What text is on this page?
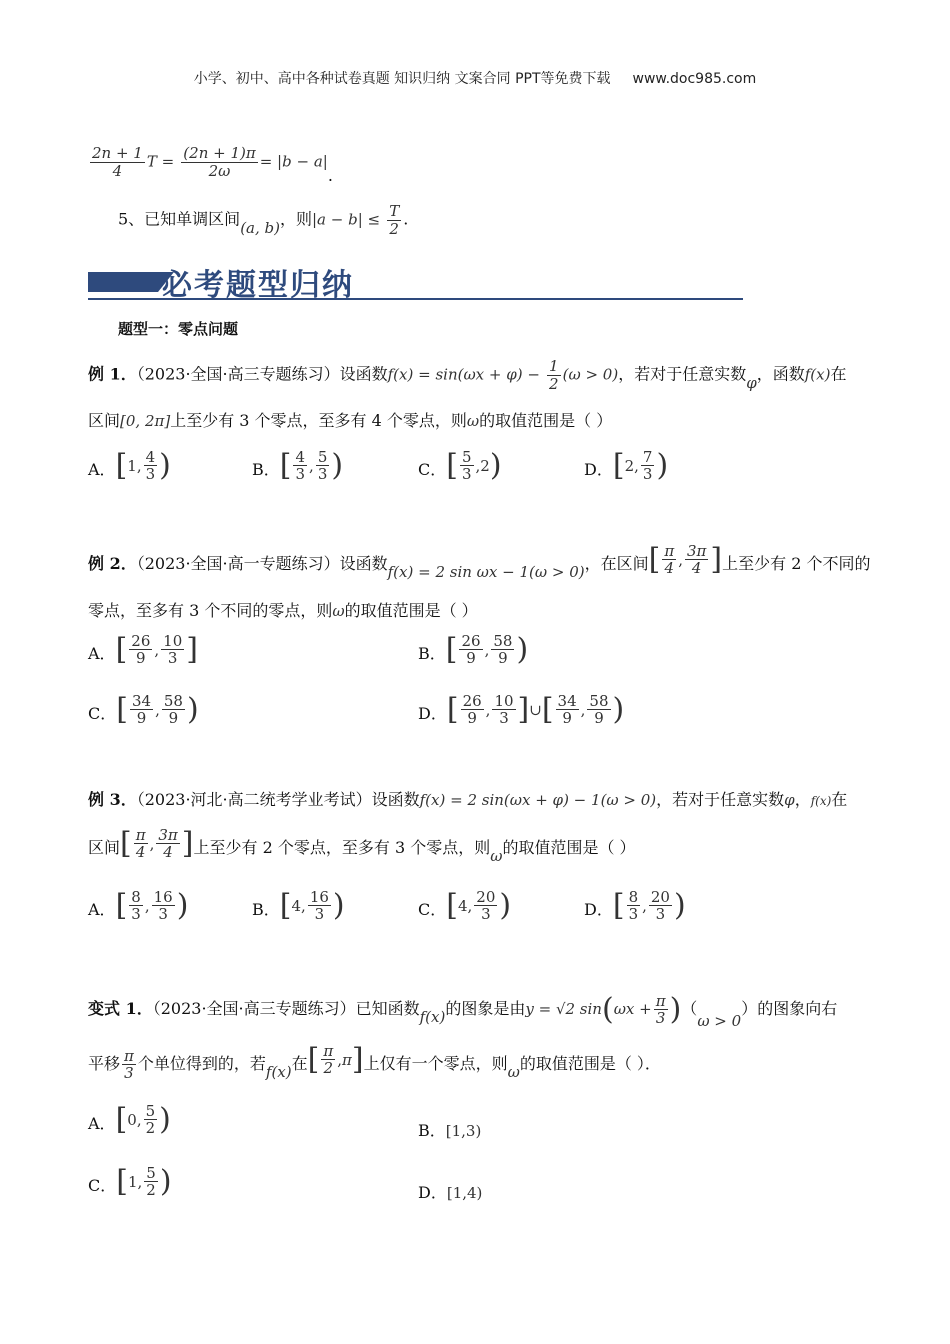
小学、初中、高中各种试卷真题 知识归纳 文案合同 PPT等免费下载 www.doc985.com
$\frac{2n + 1}{4}$ $T = \frac{(2n + 1)\pi}{2\omega} = |b - a|$.
5、已知单调区间(a, b)，则$|a - b| \le \frac{T}{2}$ .
必考题型归纳
题型一：零点问题
例 1．（2023·全国·高三专题练习）设函数$f(x) = \sin(\omega x + \varphi) - \frac{1}{2} (\omega > 0)$，若对于任意实数φ，函数f(x)在
区间[0, 2π]上至少有 3 个零点，至多有 4 个零点，则ω的取值范围是（ ）
A． [ 1 , $\frac{4}{3}$ )	B． [ $\frac{4}{3}$ , $\frac{5}{3}$ )	C． [ $\frac{5}{3}$ , 2 )	D． [ 2 , $\frac{7}{3}$ )
例 2．（2023·全国·高一专题练习）设函数f(x) = 2 sin ωx − 1(ω > 0)，在区间 [ $\frac{\pi}{4}$ , $\frac{3\pi}{4}$ ] 上至少有 2 个不同的
零点，至多有 3 个不同的零点，则ω的取值范围是（ ）
A． [ $\frac{26}{9}$ , $\frac{10}{3}$ ]	B． [ $\frac{26}{9}$ , $\frac{58}{9}$ )
C． [ $\frac{34}{9}$ , $\frac{58}{9}$ )	D． [ $\frac{26}{9}$ , $\frac{10}{3}$ ] ∪ [ $\frac{34}{9}$ , $\frac{58}{9}$ )
例 3．（2023·河北·高二统考学业考试）设函数f(x) = 2 sin(ωx + φ) − 1(ω > 0)，若对于任意实数φ，f(x)在
区间 [ $\frac{\pi}{4}$ , $\frac{3\pi}{4}$ ] 上至少有 2 个零点，至多有 3 个零点，则ω的取值范围是（ ）
A． [ $\frac{8}{3}$ , $\frac{16}{3}$ )	B． [ 4 , $\frac{16}{3}$ )	C． [ 4 , $\frac{20}{3}$ )	D． [ $\frac{8}{3}$ , $\frac{20}{3}$ )
变式 1．（2023·全国·高三专题练习）已知函数f(x)的图象是由y = √2 $\sin(\omega x + \frac{\pi}{3} )(\omega > 0)$的图象向右
平移 $\frac{\pi}{3}$ 个单位得到的，若f(x)在 [ $\frac{\pi}{2}$ , π ] 上仅有一个零点，则ω的取值范围是（ ）．
A． [ 0 , $\frac{5}{2}$ )	B．[1,3)
C． [ 1 , $\frac{5}{2}$ )	D．[1,4)
